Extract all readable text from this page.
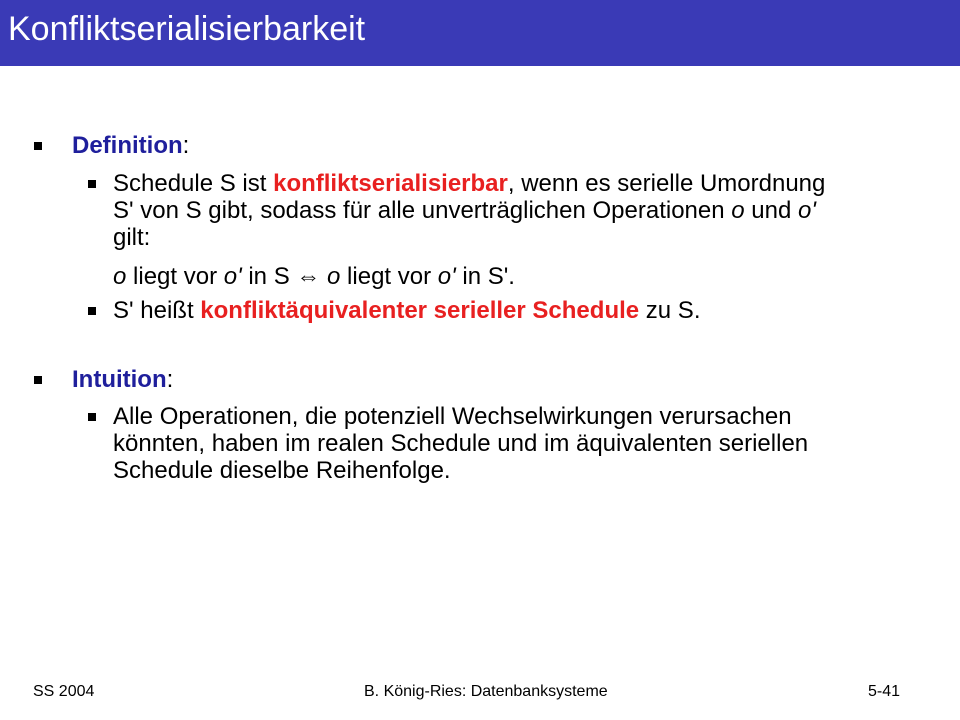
Konfliktserialisierbarkeit
Definition:
Schedule S ist konfliktserialisierbar, wenn es serielle Umordnung
S' von S gibt, sodass für alle unverträglichen Operationen o und o'
gilt:
o liegt vor o' in S ⇔ o liegt vor o' in S'.
S' heißt konfliktäquivalenter serieller Schedule zu S.
Intuition:
Alle Operationen, die potenziell Wechselwirkungen verursachen
könnten, haben im realen Schedule und im äquivalenten seriellen
Schedule dieselbe Reihenfolge.
SS 2004	B. König-Ries: Datenbanksysteme	5-41
